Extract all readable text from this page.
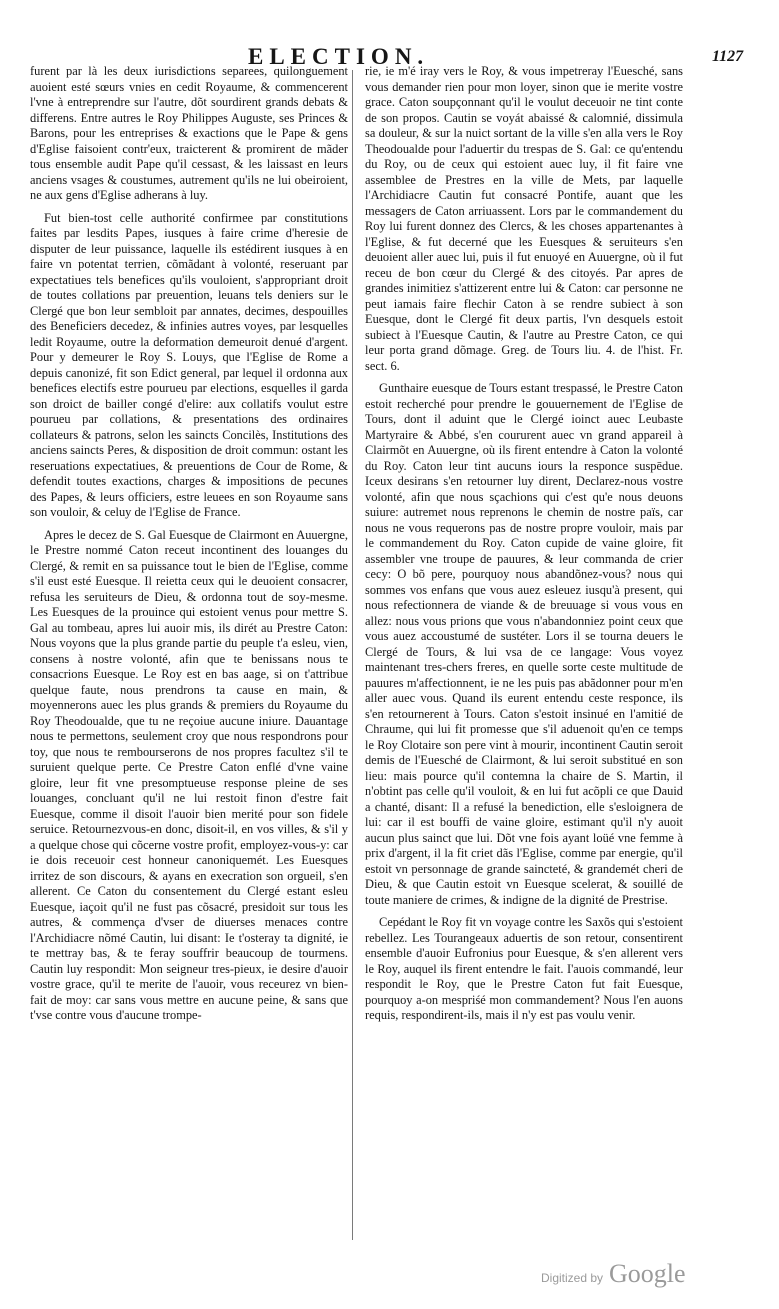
ELECTION.	1127

furent par là les deux iurisdictions separees, quilonguement auoient esté sœurs vnies en cedit Royaume, & commencerent l'vne à entreprendre sur l'autre, dõt sourdirent grands debats & differens. Entre autres le Roy Philippes Auguste, ses Princes & Barons, pour les entreprises & exactions que le Pape & gens d'Eglise faisoient contr'eux, traicterent & promirent de mãder tous ensemble audit Pape qu'il cessast, & les laissast en leurs anciens vsages & coustumes, autrement qu'ils ne lui obeiroient, ne aux gens d'Eglise adherans à luy.

Fut bien-tost celle authorité confirmee par constitutions faites par lesdits Papes, iusques à faire crime d'heresie de disputer de leur puissance, laquelle ils estédirent iusques à en faire vn potentat terrien, cõmãdant à volonté, reseruant par expectatiues tels benefices qu'ils vouloient, s'appropriant droit de toutes collations par preuention, leuans tels deniers sur le Clergé que bon leur sembloit par annates, decimes, despouilles des Beneficiers decedez, & infinies autres voyes, par lesquelles ledit Royaume, outre la deformation demeuroit denué d'argent. Pour y demeurer le Roy S. Louys, que l'Eglise de Rome a depuis canonizé, fit son Edict general, par lequel il ordonna aux benefices electifs estre pourueu par elections, esquelles il garda son droict de bailler congé d'elire: aux collatifs voulut estre pourueu par collations, & presentations des ordinaires collateurs & patrons, selon les saincts Concilès, Institutions des anciens saincts Peres, & disposition de droit commun: ostant les reseruations expectatiues, & preuentions de Cour de Rome, & defendit toutes exactions, charges & impositions de pecunes des Papes, & leurs officiers, estre leuees en son Royaume sans son vouloir, & celuy de l'Eglise de France.

Apres le decez de S. Gal Euesque de Clairmont en Auuergne, le Prestre nommé Caton receut incontinent des louanges du Clergé, & remit en sa puissance tout le bien de l'Eglise, comme s'il eust esté Euesque. Il reietta ceux qui le deuoient consacrer, refusa les seruiteurs de Dieu, & ordonna tout de soy-mesme. Les Euesques de la prouince qui estoient venus pour mettre S. Gal au tombeau, apres lui auoir mis, ils dirét au Prestre Caton: Nous voyons que la plus grande partie du peuple t'a esleu, vien, consens à nostre volonté, afin que te benissans nous te consacrions Euesque. Le Roy est en bas aage, si on t'attribue quelque faute, nous prendrons ta cause en main, & moyennerons auec les plus grands & premiers du Royaume du Roy Theodoualde, que tu ne reçoiue aucune iniure. Dauantage nous te permettons, seulement croy que nous respondrons pour toy, que nous te rembourserons de nos propres facultez s'il te suruient quelque perte. Ce Prestre Caton enflé d'vne vaine gloire, leur fit vne presomptueuse response pleine de ses louanges, concluant qu'il ne lui restoit finon d'estre fait Euesque, comme il disoit l'auoir bien merité pour son fidele seruice. Retournezvous-en donc, disoit-il, en vos villes, & s'il y a quelque chose qui cõcerne vostre profit, employez-vous-y: car ie dois receuoir cest honneur canoniquemét. Les Euesques irritez de son discours, & ayans en execration son orgueil, s'en allerent. Ce Caton du consentement du Clergé estant esleu Euesque, iaçoit qu'il ne fust pas cõsacré, presidoit sur tous les autres, & commença d'vser de diuerses menaces contre l'Archidiacre nõmé Cautin, lui disant: Ie t'osteray ta dignité, ie te mettray bas, & te feray souffrir beaucoup de tourmens. Cautin luy respondit: Mon seigneur tres-pieux, ie desire d'auoir vostre grace, qu'il te merite de l'auoir, vous receurez vn bien-fait de moy: car sans vous mettre en aucune peine, & sans que t'vse contre vous d'aucune trompe-

rie, ie m'é iray vers le Roy, & vous impetreray l'Euesché, sans vous demander rien pour mon loyer, sinon que ie merite vostre grace. Caton soupçonnant qu'il le voulut deceuoir ne tint conte de son propos. Cautin se voyát abaissé & calomnié, dissimula sa douleur, & sur la nuict sortant de la ville s'en alla vers le Roy Theodoualde pour l'aduertir du trespas de S. Gal: ce qu'entendu du Roy, ou de ceux qui estoient auec luy, il fit faire vne assemblee de Prestres en la ville de Mets, par laquelle l'Archidiacre Cautin fut consacré Pontife, auant que les messagers de Caton arriuassent. Lors par le commandement du Roy lui furent donnez des Clercs, & les choses appartenantes à l'Eglise, & fut decerné que les Euesques & seruiteurs s'en deuoient aller auec lui, puis il fut enuoyé en Auuergne, où il fut receu de bon cœur du Clergé & des citoyés. Par apres de grandes inimitiez s'attizerent entre lui & Caton: car personne ne peut iamais faire flechir Caton à se rendre subiect à son Euesque, dont le Clergé fit deux partis, l'vn desquels estoit subiect à l'Euesque Cautin, & l'autre au Prestre Caton, ce qui leur porta grand dõmage. Greg. de Tours liu. 4. de l'hist. Fr. sect. 6.

Gunthaire euesque de Tours estant trespassé, le Prestre Caton estoit recherché pour prendre le gouuernement de l'Eglise de Tours, dont il aduint que le Clergé ioinct auec Leubaste Martyraire & Abbé, s'en coururent auec vn grand appareil à Clairmõt en Auuergne, où ils firent entendre à Caton la volonté du Roy. Caton leur tint aucuns iours la responce suspēdue. Iceux desirans s'en retourner luy dirent, Declarez-nous vostre volonté, afin que nous sçachions qui c'est qu'e nous deuons suiure: autremet nous reprenons le chemin de nostre païs, car nous ne vous requerons pas de nostre propre vouloir, mais par le commandement du Roy. Caton cupide de vaine gloire, fit assembler vne troupe de pauures, & leur commanda de crier cecy: O bõ pere, pourquoy nous abandõnez-vous? nous qui sommes vos enfans que vous auez esleuez iusqu'à present, qui nous refectionnera de viande & de breuuage si vous vous en allez: nous vous prions que vous n'abandonniez point ceux que vous auez accoustumé de sustéter. Lors il se tourna deuers le Clergé de Tours, & lui vsa de ce langage: Vous voyez maintenant tres-chers freres, en quelle sorte ceste multitude de pauures m'affectionnent, ie ne les puis pas abãdonner pour m'en aller auec vous. Quand ils eurent entendu ceste responce, ils s'en retournerent à Tours. Caton s'estoit insinué en l'amitié de Chraume, qui lui fit promesse que s'il aduenoit qu'en ce temps le Roy Clotaire son pere vint à mourir, incontinent Cautin seroit demis de l'Euesché de Clairmont, & lui seroit substitué en son lieu: mais pource qu'il contemna la chaire de S. Martin, il n'obtint pas celle qu'il vouloit, & en lui fut acõpli ce que Dauid a chanté, disant: Il a refusé la benediction, elle s'esloignera de lui: car il est bouffi de vaine gloire, estimant qu'il n'y auoit aucun plus sainct que lui. Dõt vne fois ayant loüé vne femme à prix d'argent, il la fit criet dãs l'Eglise, comme par energie, qu'il estoit vn personnage de grande saincteté, & grandemét cheri de Dieu, & que Cautin estoit vn Euesque scelerat, & souillé de toute maniere de crimes, & indigne de la dignité de Prestrise.

Cepédant le Roy fit vn voyage contre les Saxõs qui s'estoient rebellez. Les Tourangeaux aduertis de son retour, consentirent ensemble d'auoir Eufronius pour Euesque, & s'en allerent vers le Roy, auquel ils firent entendre le fait. I'auois commandé, leur respondit le Roy, que le Prestre Caton fut fait Euesque, pourquoy a-on mespriśé mon commandement? Nous l'en auons requis, respondirent-ils, mais il n'y est pas voulu venir.

Digitized by Google
